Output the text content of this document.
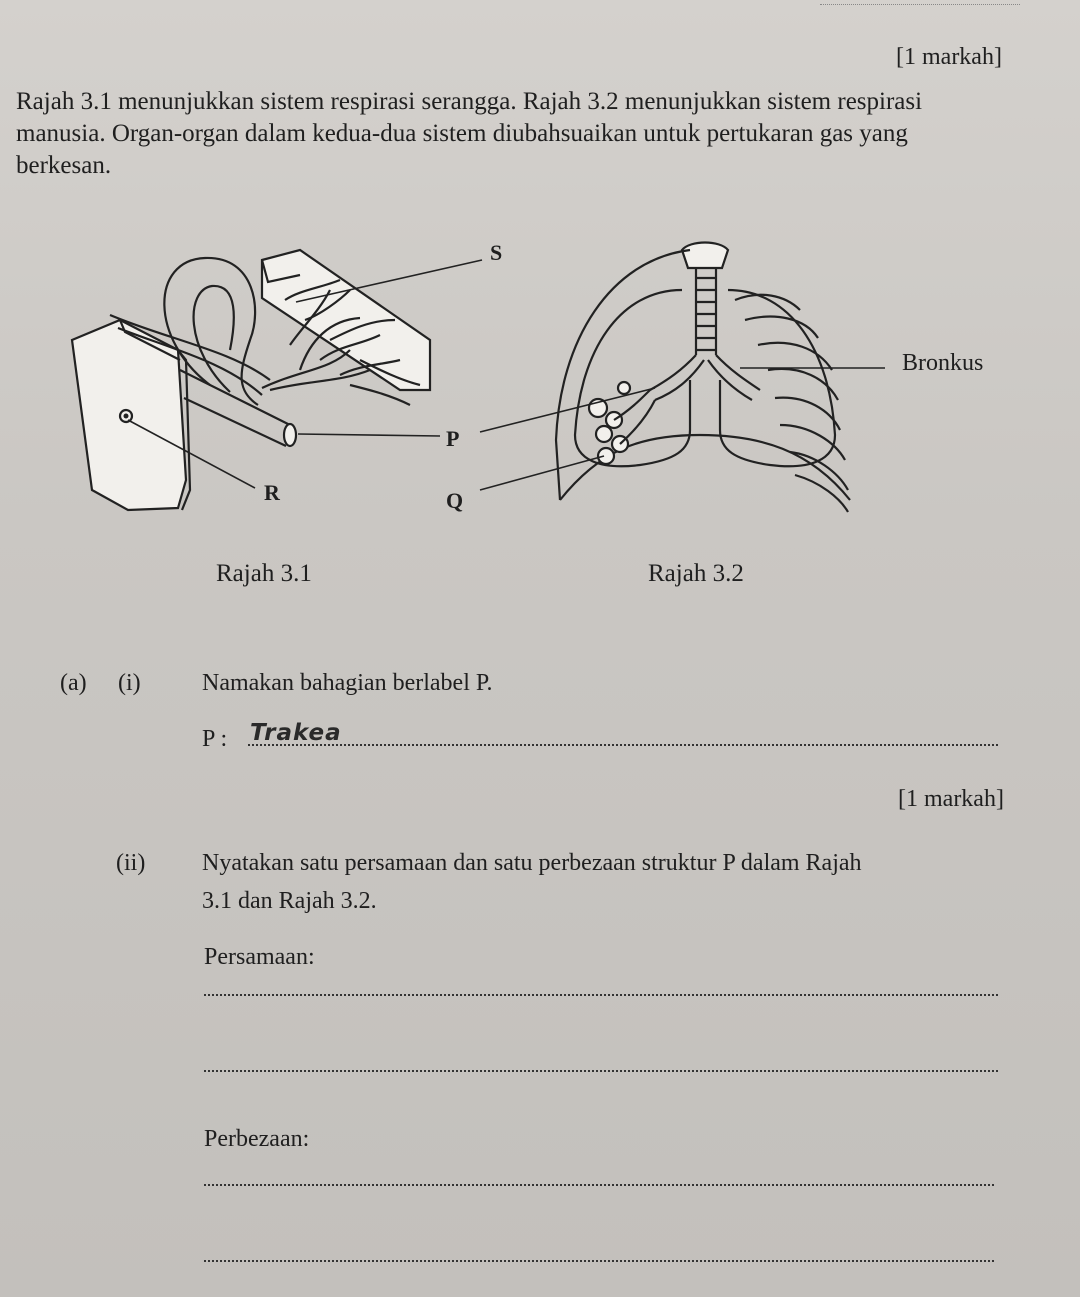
[1 markah]
Rajah 3.1 menunjukkan sistem respirasi serangga. Rajah 3.2 menunjukkan sistem respirasi manusia. Organ-organ dalam kedua-dua sistem diubahsuaikan untuk pertukaran gas yang berkesan.
S
P
Q
R
Bronkus
Rajah 3.1	Rajah 3.2
(a) (i)	Namakan bahagian berlabel P.
P : Trakea
[1 markah]
(ii) Nyatakan satu persamaan dan satu perbezaan struktur P dalam Rajah
3.1 dan Rajah 3.2.
Persamaan:
Perbezaan:
